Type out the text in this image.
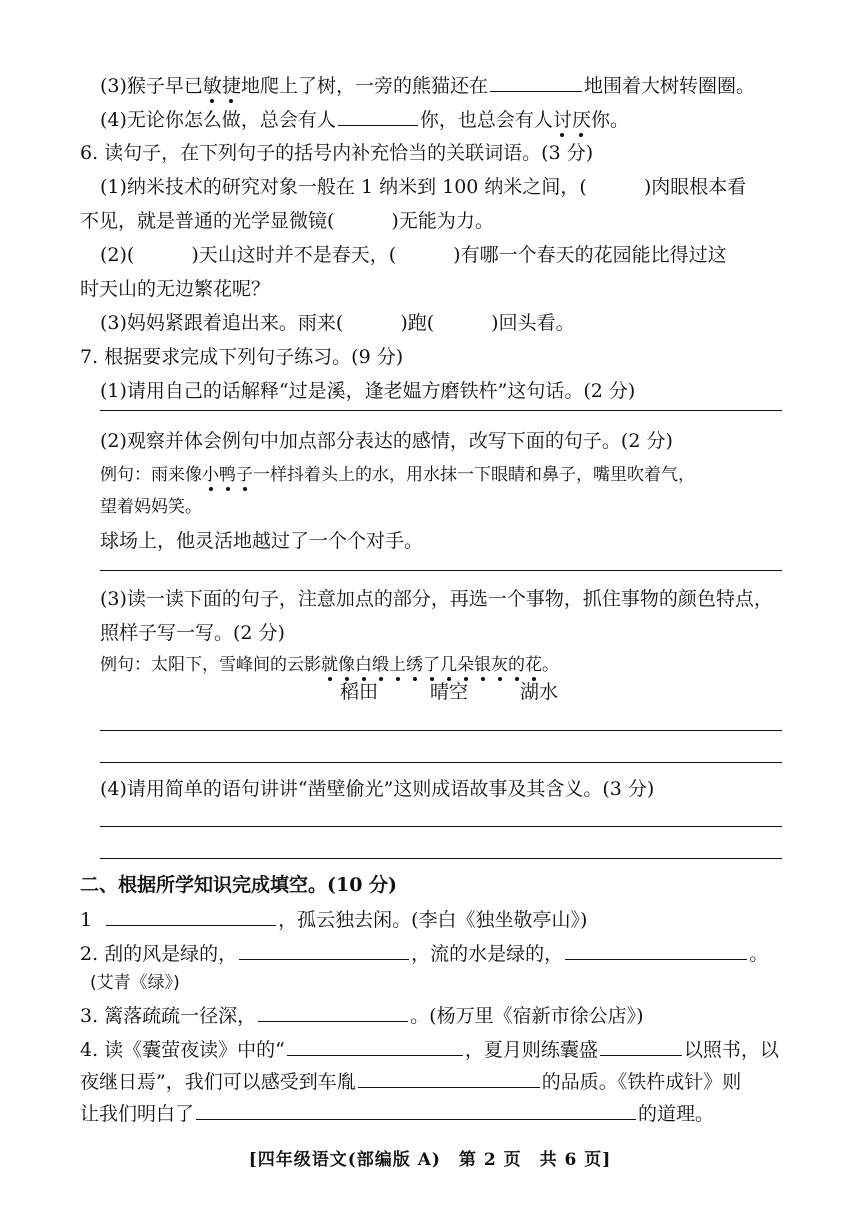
(3)猴子早已敏捷地爬上了树，一旁的熊猫还在	地围着大树转圈圈。
(4)无论你怎么做，总会有人	你，也总会有人讨厌你。
6. 读句子，在下列句子的括号内补充恰当的关联词语。(3 分)
(1)纳米技术的研究对象一般在 1 纳米到 100 纳米之间，(　　　)肉眼根本看
不见，就是普通的光学显微镜(　　　)无能为力。
(2)(　　　)天山这时并不是春天，(　　　)有哪一个春天的花园能比得过这
时天山的无边繁花呢？
(3)妈妈紧跟着追出来。雨来(　　　)跑(　　　)回头看。
7. 根据要求完成下列句子练习。(9 分)
(1)请用自己的话解释“过是溪，逢老媪方磨铁杵”这句话。(2 分)
(2)观察并体会例句中加点部分表达的感情，改写下面的句子。(2 分)
例句：雨来像小鸭子一样抖着头上的水，用水抹一下眼睛和鼻子，嘴里吹着气，
望着妈妈笑。
球场上，他灵活地越过了一个个对手。
(3)读一读下面的句子，注意加点的部分，再选一个事物，抓住事物的颜色特点，
照样子写一写。(2 分)
例句：太阳下，雪峰间的云影就像白缎上绣了几朵银灰的花。
稻田	晴空	湖水
(4)请用简单的语句讲讲“凿壁偷光”这则成语故事及其含义。(3 分)
二、根据所学知识完成填空。(10 分)
1	，孤云独去闲。(李白《独坐敬亭山》)
2. 刮的风是绿的，	，流的水是绿的，	。
(艾青《绿》)
3. 篱落疏疏一径深，	。(杨万里《宿新市徐公店》)
4. 读《囊萤夜读》中的“	，夏月则练囊盛	以照书，以
夜继日焉”，我们可以感受到车胤	的品质。《铁杵成针》则
让我们明白了	的道理。
[四年级语文(部编版 A)　第 2 页　共 6 页]
